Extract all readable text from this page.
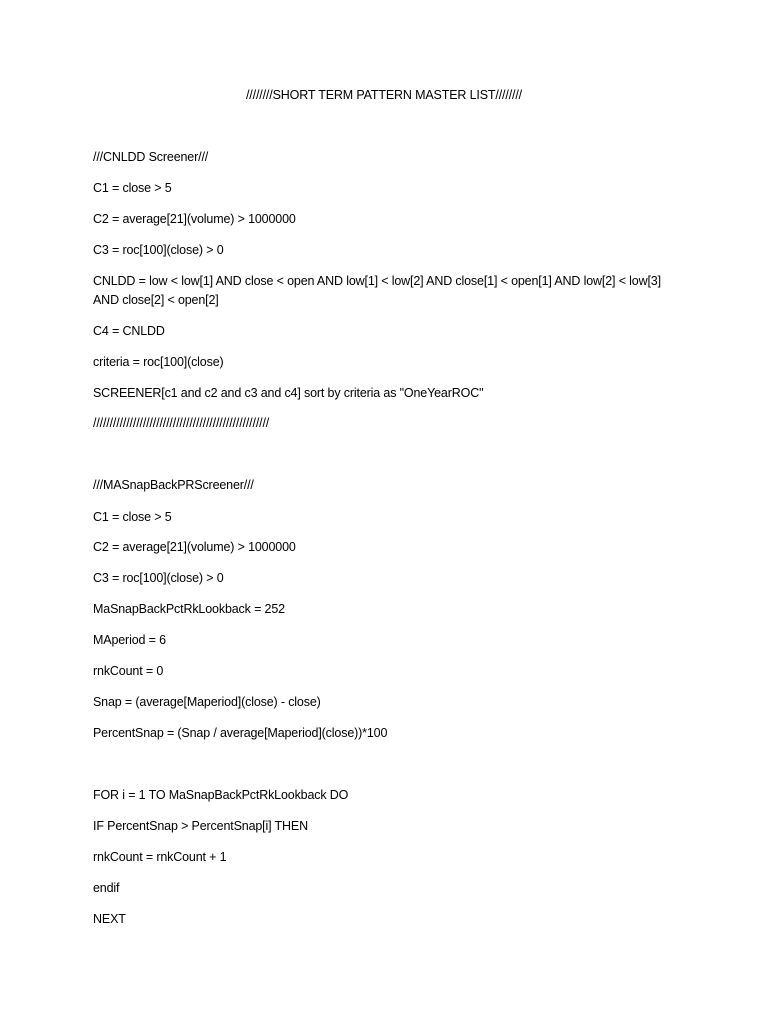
////////SHORT TERM PATTERN MASTER LIST////////
///CNLDD Screener///
C1 = close > 5
C2 = average[21](volume) > 1000000
C3 = roc[100](close) > 0
CNLDD = low < low[1] AND close < open AND low[1] < low[2] AND close[1] < open[1] AND low[2] < low[3] AND close[2] < open[2]
C4 = CNLDD
criteria = roc[100](close)
SCREENER[c1 and c2 and c3 and c4] sort by criteria as "OneYearROC"
/////////////////////////////////////////////////////
///MASnapBackPRScreener///
C1 = close > 5
C2 = average[21](volume) > 1000000
C3 = roc[100](close) > 0
MaSnapBackPctRkLookback = 252
MAperiod = 6
rnkCount = 0
Snap = (average[Maperiod](close) - close)
PercentSnap = (Snap / average[Maperiod](close))*100
FOR i = 1 TO MaSnapBackPctRkLookback DO
IF PercentSnap > PercentSnap[i] THEN
rnkCount = rnkCount + 1
endif
NEXT
